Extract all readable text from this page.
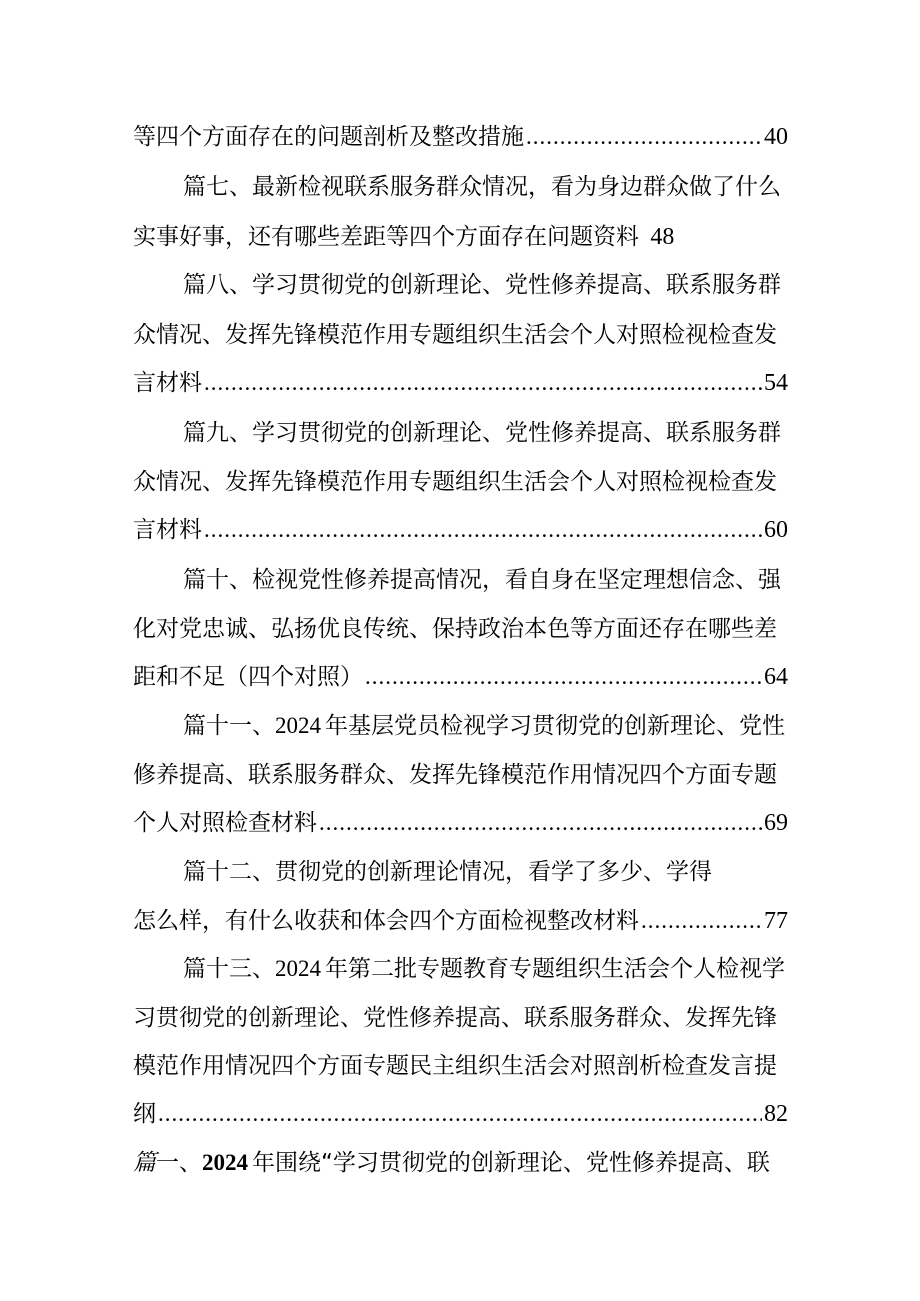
等四个方面存在的问题剖析及整改措施 .....	40
篇七、最新检视联系服务群众情况，看为身边群众做了什么
实事好事，还有哪些差距等四个方面存在问题资料 48
篇八、学习贯彻党的创新理论、党性修养提高、联系服务群
众情况、发挥先锋模范作用专题组织生活会个人对照检视检查发
言材料 .....	54
篇九、学习贯彻党的创新理论、党性修养提高、联系服务群
众情况、发挥先锋模范作用专题组织生活会个人对照检视检查发
言材料 .....	60
篇十、检视党性修养提高情况，看自身在坚定理想信念、强
化对党忠诚、弘扬优良传统、保持政治本色等方面还存在哪些差
距和不足（四个对照） .....	64
篇十一、2024 年基层党员检视学习贯彻党的创新理论、党性
修养提高、联系服务群众、发挥先锋模范作用情况四个方面专题
个人对照检查材料 .....	69
篇十二、贯彻党的创新理论情况，看学了多少、学得
怎么样，有什么收获和体会四个方面检视整改材料 .....	77
篇十三、2024 年第二批专题教育专题组织生活会个人检视学
习贯彻党的创新理论、党性修养提高、联系服务群众、发挥先锋
模范作用情况四个方面专题民主组织生活会对照剖析检查发言提
纲 .....	82
篇一、2024 年围绕“学习贯彻党的创新理论、党性修养提高、联
